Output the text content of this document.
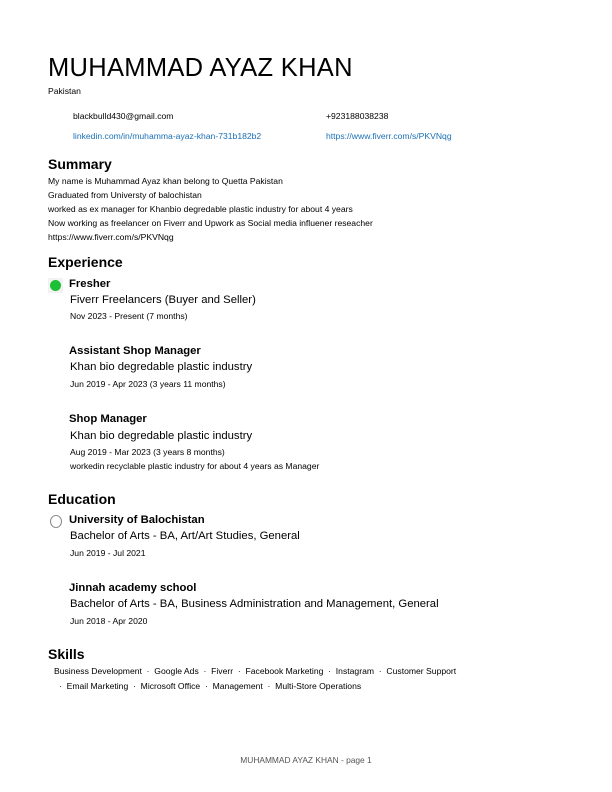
MUHAMMAD AYAZ KHAN
Pakistan
blackbulld430@gmail.com	+923188038238
linkedin.com/in/muhamma-ayaz-khan-731b182b2	https://www.fiverr.com/s/PKVNqg
Summary
My name is Muhammad Ayaz khan belong to Quetta Pakistan
Graduated from Universty of balochistan
worked as ex manager for Khanbio degredable plastic industry for about 4 years
Now working as freelancer on Fiverr and Upwork as Social media influener reseacher
https://www.fiverr.com/s/PKVNqg
Experience
Fresher
Fiverr Freelancers (Buyer and Seller)
Nov 2023 - Present (7 months)
Assistant Shop Manager
Khan bio degredable plastic industry
Jun 2019 - Apr 2023 (3 years 11 months)
Shop Manager
Khan bio degredable plastic industry
Aug 2019 - Mar 2023 (3 years 8 months)
workedin recyclable plastic industry for about 4 years as Manager
Education
University of Balochistan
Bachelor of Arts - BA, Art/Art Studies, General
Jun 2019 - Jul 2021
Jinnah academy school
Bachelor of Arts - BA, Business Administration and Management, General
Jun 2018 - Apr 2020
Skills
Business Development  ·  Google Ads  ·  Fiverr  ·  Facebook Marketing  ·  Instagram  ·  Customer Support
·  Email Marketing  ·  Microsoft Office  ·  Management  ·  Multi-Store Operations
MUHAMMAD AYAZ KHAN - page 1
